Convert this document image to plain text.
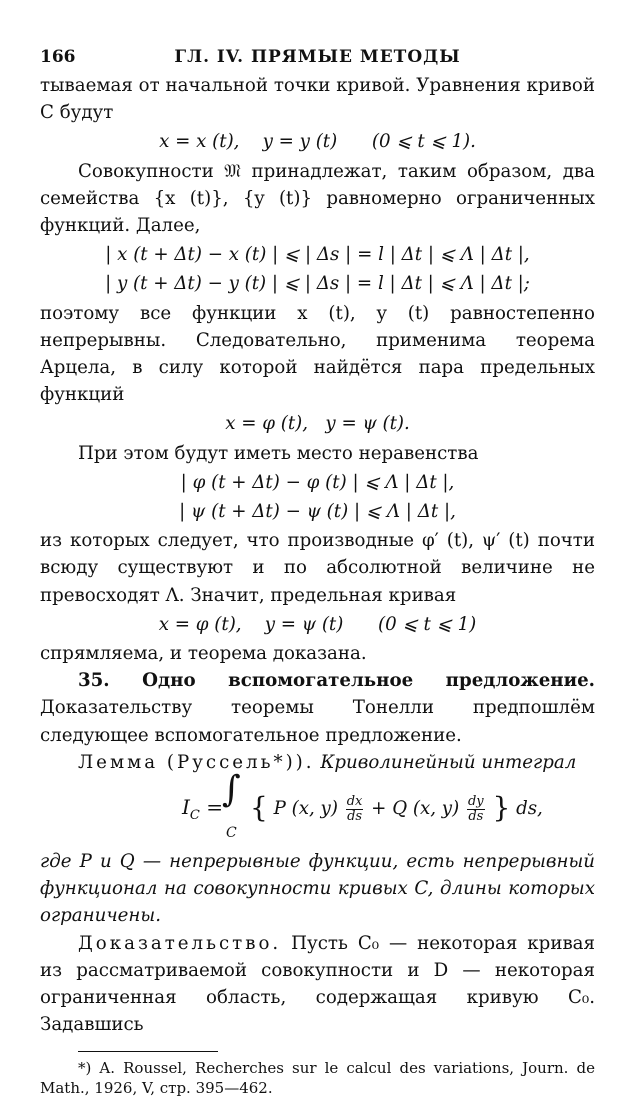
166	ГЛ. IV. ПРЯМЫЕ МЕТОДЫ

тываемая от начальной точки кривой. Уравнения кривой C будут

x = x (t),    y = y (t)      (0 ⩽ t ⩽ 1).

Совокупности 𝔐 принадлежат, таким образом, два семейства {x (t)}, {y (t)} равномерно ограниченных функций. Далее,

| x (t + Δt) − x (t) | ⩽ | Δs | = l | Δt | ⩽ Λ | Δt |,
| y (t + Δt) − y (t) | ⩽ | Δs | = l | Δt | ⩽ Λ | Δt |;

поэтому все функции x (t), y (t) равностепенно непрерывны. Следовательно, применима теорема Арцела, в силу которой найдётся пара предельных функций

x = φ (t),   y = ψ (t).

При этом будут иметь место неравенства

| φ (t + Δt) − φ (t) | ⩽ Λ | Δt |,
| ψ (t + Δt) − ψ (t) | ⩽ Λ | Δt |,

из которых следует, что производные φ′ (t), ψ′ (t) почти всюду существуют и по абсолютной величине не превосходят Λ. Значит, предельная кривая

x = φ (t),    y = ψ (t)      (0 ⩽ t ⩽ 1)

спрямляема, и теорема доказана.

35. Одно вспомогательное предложение. Доказательству теоремы Тонелли предпошлём следующее вспомогательное предложение.

Лемма (Руссель*)). Криволинейный интеграл

$I_C$ = ∫
C
{ P (x, $y) \frac{dx}{ds} + Q$ (x, $y) \frac{dy}{ds}$ } ds,

где P и Q — непрерывные функции, есть непрерывный функционал на совокупности кривых C, длины которых ограничены.

Доказательство. Пусть C₀ — некоторая кривая из рассматриваемой совокупности и D — некоторая ограниченная область, содержащая кривую C₀. Задавшись

*) A. Roussel, Recherches sur le calcul des variations, Journ. de Math., 1926, V, стр. 395—462.
